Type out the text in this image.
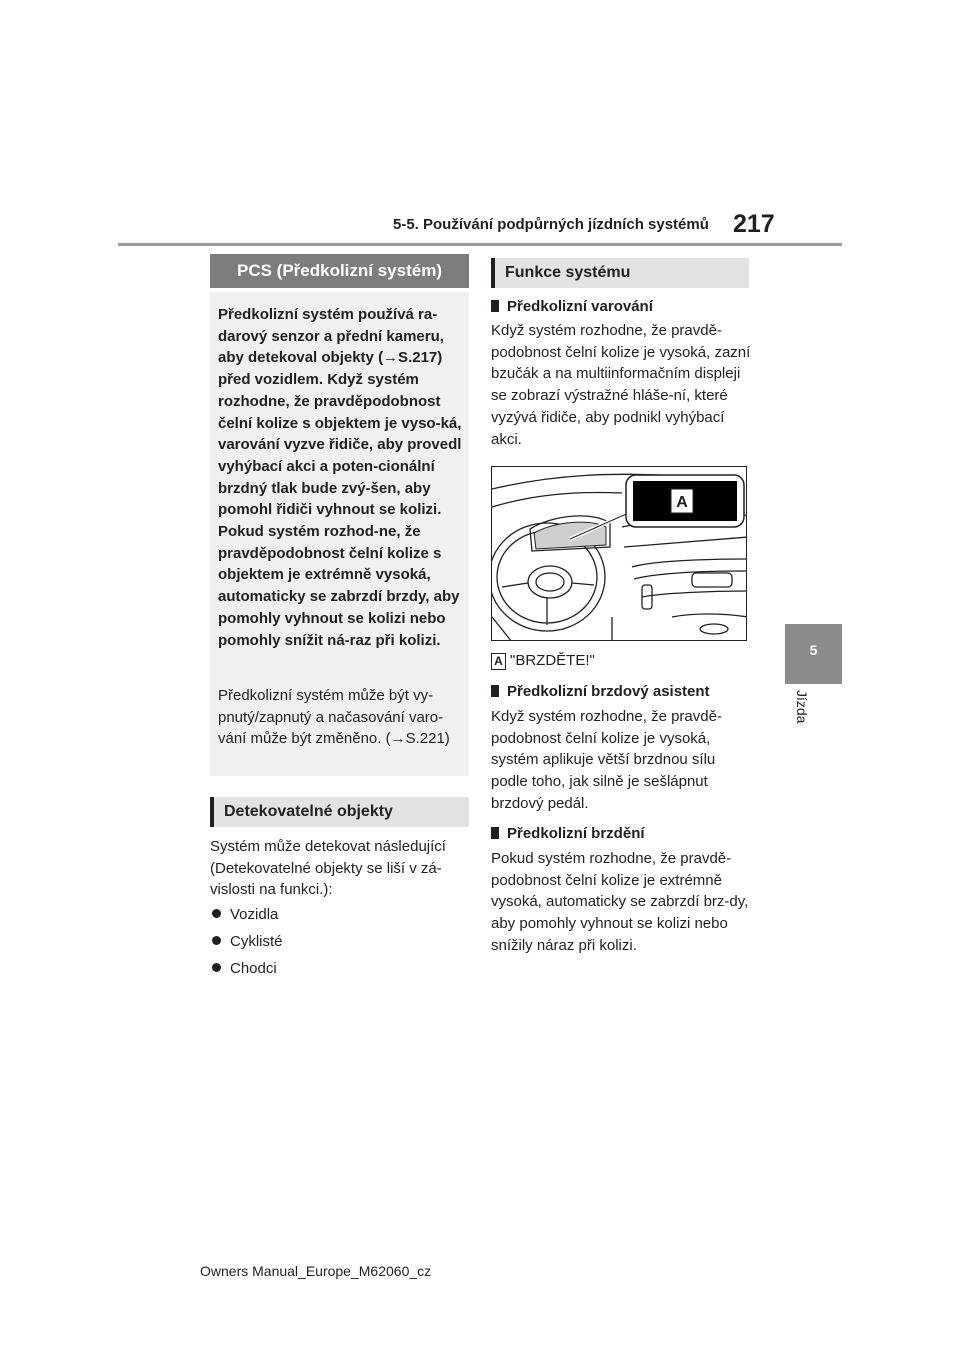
5-5. Používání podpůrných jízdních systémů 217
5
Jízda
PCS (Předkolizní systém)
Předkolizní systém používá ra-darový senzor a přední kameru, aby detekoval objekty (→S.217) před vozidlem. Když systém rozhodne, že pravděpodobnost čelní kolize s objektem je vyso-ká, varování vyzve řidiče, aby provedl vyhýbací akci a poten-cionální brzdný tlak bude zvý-šen, aby pomohl řidiči vyhnout se kolizi. Pokud systém rozhod-ne, že pravděpodobnost čelní kolize s objektem je extrémně vysoká, automaticky se zabrzdí brzdy, aby pomohly vyhnout se kolizi nebo pomohly snížit ná-raz při kolizi.
Předkolizní systém může být vy-pnutý/zapnutý a načasování varo-vání může být změněno. (→S.221)
Detekovatelné objekty
Systém může detekovat následující (Detekovatelné objekty se liší v zá-vislosti na funkci.):
Vozidla
Cyklisté
Chodci
Funkce systému
Předkolizní varování
Když systém rozhodne, že pravdě-podobnost čelní kolize je vysoká, zazní bzučák a na multiinformačním displeji se zobrazí výstražné hláše-ní, které vyzývá řidiče, aby podnikl vyhýbací akci.
A
A "BRZDĚTE!"
Předkolizní brzdový asistent
Když systém rozhodne, že pravdě-podobnost čelní kolize je vysoká, systém aplikuje větší brzdnou sílu podle toho, jak silně je sešlápnut brzdový pedál.
Předkolizní brzdění
Pokud systém rozhodne, že pravdě-podobnost čelní kolize je extrémně vysoká, automaticky se zabrzdí brz-dy, aby pomohly vyhnout se kolizi nebo snížily náraz při kolizi.
Owners Manual_Europe_M62060_cz
